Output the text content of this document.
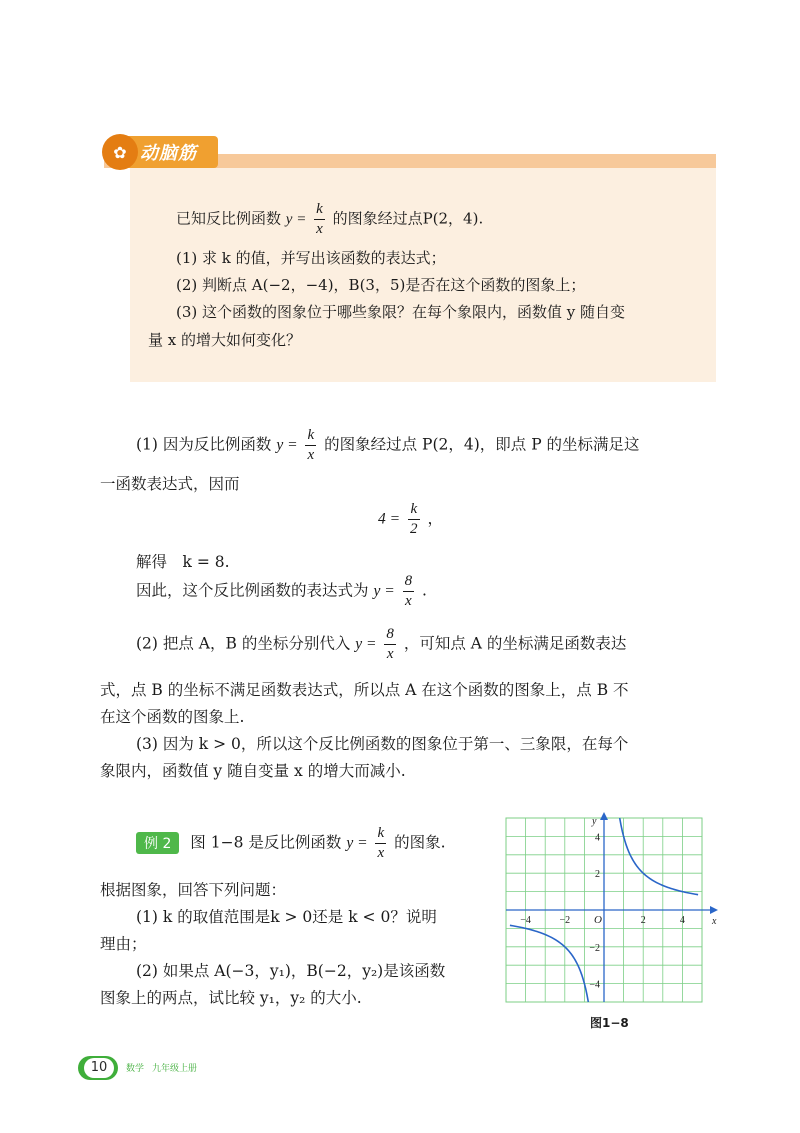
✿ 动脑筋
已知反比例函数 $y = \frac{k}{x}$ 的图象经过点P(2，4).
(1) 求 k 的值，并写出该函数的表达式；
(2) 判断点 A(−2，−4)，B(3，5)是否在这个函数的图象上；
(3) 这个函数的图象位于哪些象限？在每个象限内，函数值 y 随自变
量 x 的增大如何变化？
(1) 因为反比例函数 $y = \frac{k}{x}$ 的图象经过点 P(2，4)，即点 P 的坐标满足这
一函数表达式，因而
$4 = \frac{k}{2}$ ，
解得　k = 8.
因此，这个反比例函数的表达式为 $y = \frac{8}{x}$ .
(2) 把点 A，B 的坐标分别代入 $y = \frac{8}{x}$ ，可知点 A 的坐标满足函数表达
式，点 B 的坐标不满足函数表达式，所以点 A 在这个函数的图象上，点 B 不
在这个函数的图象上.
(3) 因为 k > 0，所以这个反比例函数的图象位于第一、三象限，在每个
象限内，函数值 y 随自变量 x 的增大而减小.
例 2 图 1−8 是反比例函数 $y = \frac{k}{x}$ 的图象.
根据图象，回答下列问题：
(1) k 的取值范围是k > 0还是 k < 0？说明
理由；
(2) 如果点 A(−3，y₁)，B(−2，y₂)是该函数
图象上的两点，试比较 y₁，y₂ 的大小.
x
y
O
−4	−2	2	4
4
2
−2
−4
图1−8
10	数学 九年级上册
